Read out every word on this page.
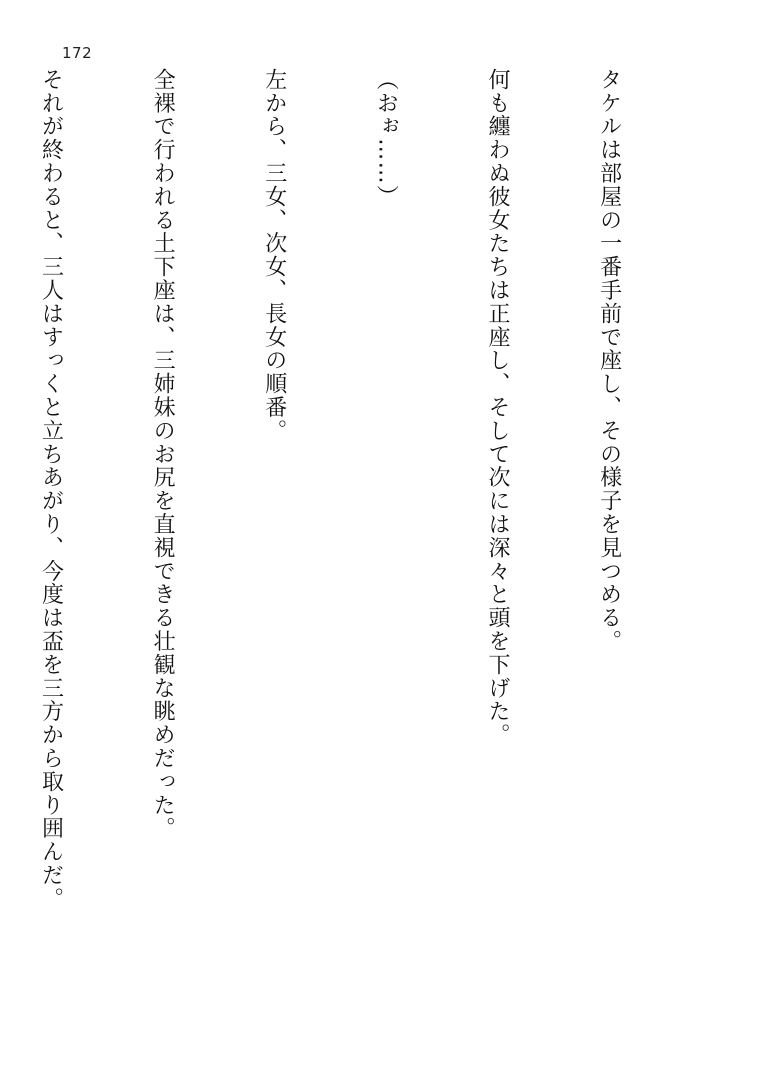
172

タケルは部屋の一番手前で座し、その様子を見つめる。

何も纏わぬ彼女たちは正座し、そして次には深々と頭を下げた。

（おぉ……）

左から、三女、次女、長女の順番。

全裸で行われる土下座は、三姉妹のお尻を直視できる壮観な眺めだった。

それが終わると、三人はすっくと立ちあがり、今度は盃を三方から取り囲んだ。
